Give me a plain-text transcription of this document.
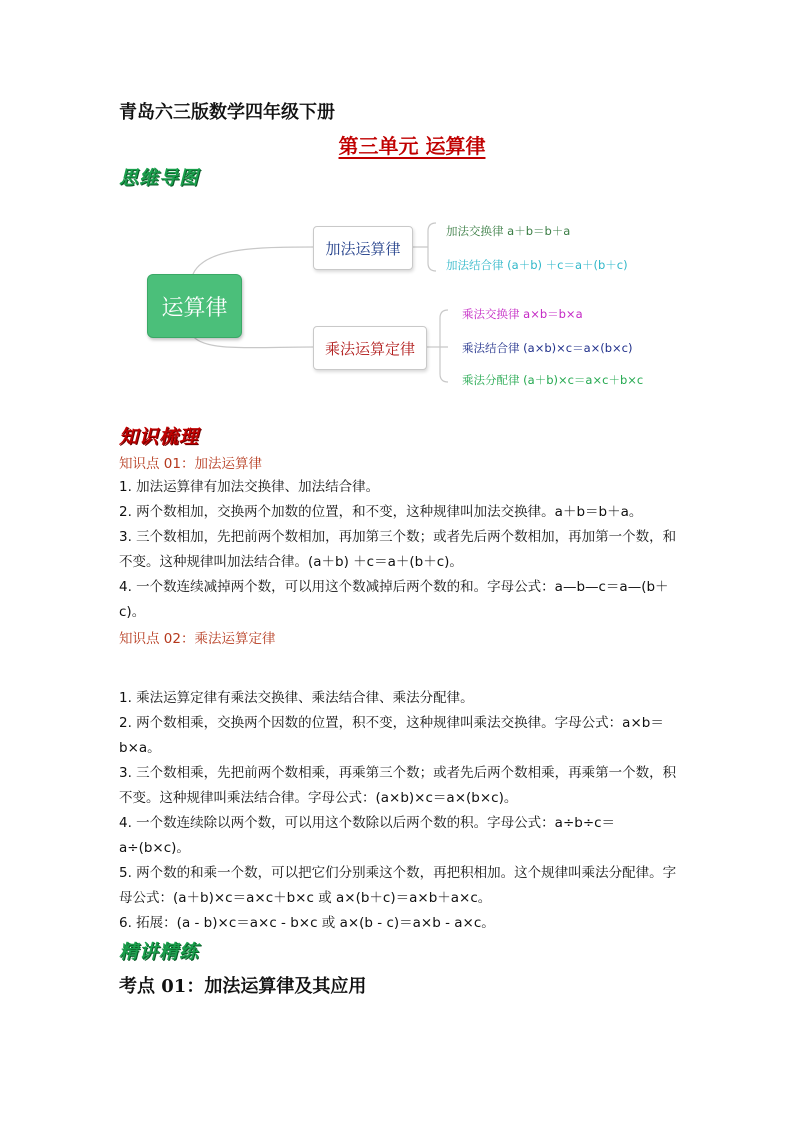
青岛六三版数学四年级下册
第三单元 运算律
思维导图
运算律
加法运算律
乘法运算定律
加法交换律 a＋b＝b＋a
加法结合律 (a＋b) ＋c＝a＋(b＋c)
乘法交换律 a×b＝b×a
乘法结合律 (a×b)×c＝a×(b×c)
乘法分配律 (a＋b)×c＝a×c＋b×c
知识梳理
知识点 01：加法运算律
1. 加法运算律有加法交换律、加法结合律。
2. 两个数相加，交换两个加数的位置，和不变，这种规律叫加法交换律。a＋b＝b＋a。
3. 三个数相加，先把前两个数相加，再加第三个数；或者先后两个数相加，再加第一个数，和不变。这种规律叫加法结合律。(a＋b) ＋c＝a＋(b＋c)。
4. 一个数连续减掉两个数，可以用这个数减掉后两个数的和。字母公式：a—b—c＝a—(b＋c)。
知识点 02：乘法运算定律
1. 乘法运算定律有乘法交换律、乘法结合律、乘法分配律。
2. 两个数相乘，交换两个因数的位置，积不变，这种规律叫乘法交换律。字母公式：a×b＝b×a。
3. 三个数相乘，先把前两个数相乘，再乘第三个数；或者先后两个数相乘，再乘第一个数，积不变。这种规律叫乘法结合律。字母公式：(a×b)×c＝a×(b×c)。
4. 一个数连续除以两个数，可以用这个数除以后两个数的积。字母公式：a÷b÷c＝a÷(b×c)。
5. 两个数的和乘一个数，可以把它们分别乘这个数，再把积相加。这个规律叫乘法分配律。字母公式：(a＋b)×c＝a×c＋b×c 或 a×(b＋c)＝a×b＋a×c。
6. 拓展：(a - b)×c＝a×c - b×c 或 a×(b - c)＝a×b - a×c。
精讲精练
考点 01：加法运算律及其应用
